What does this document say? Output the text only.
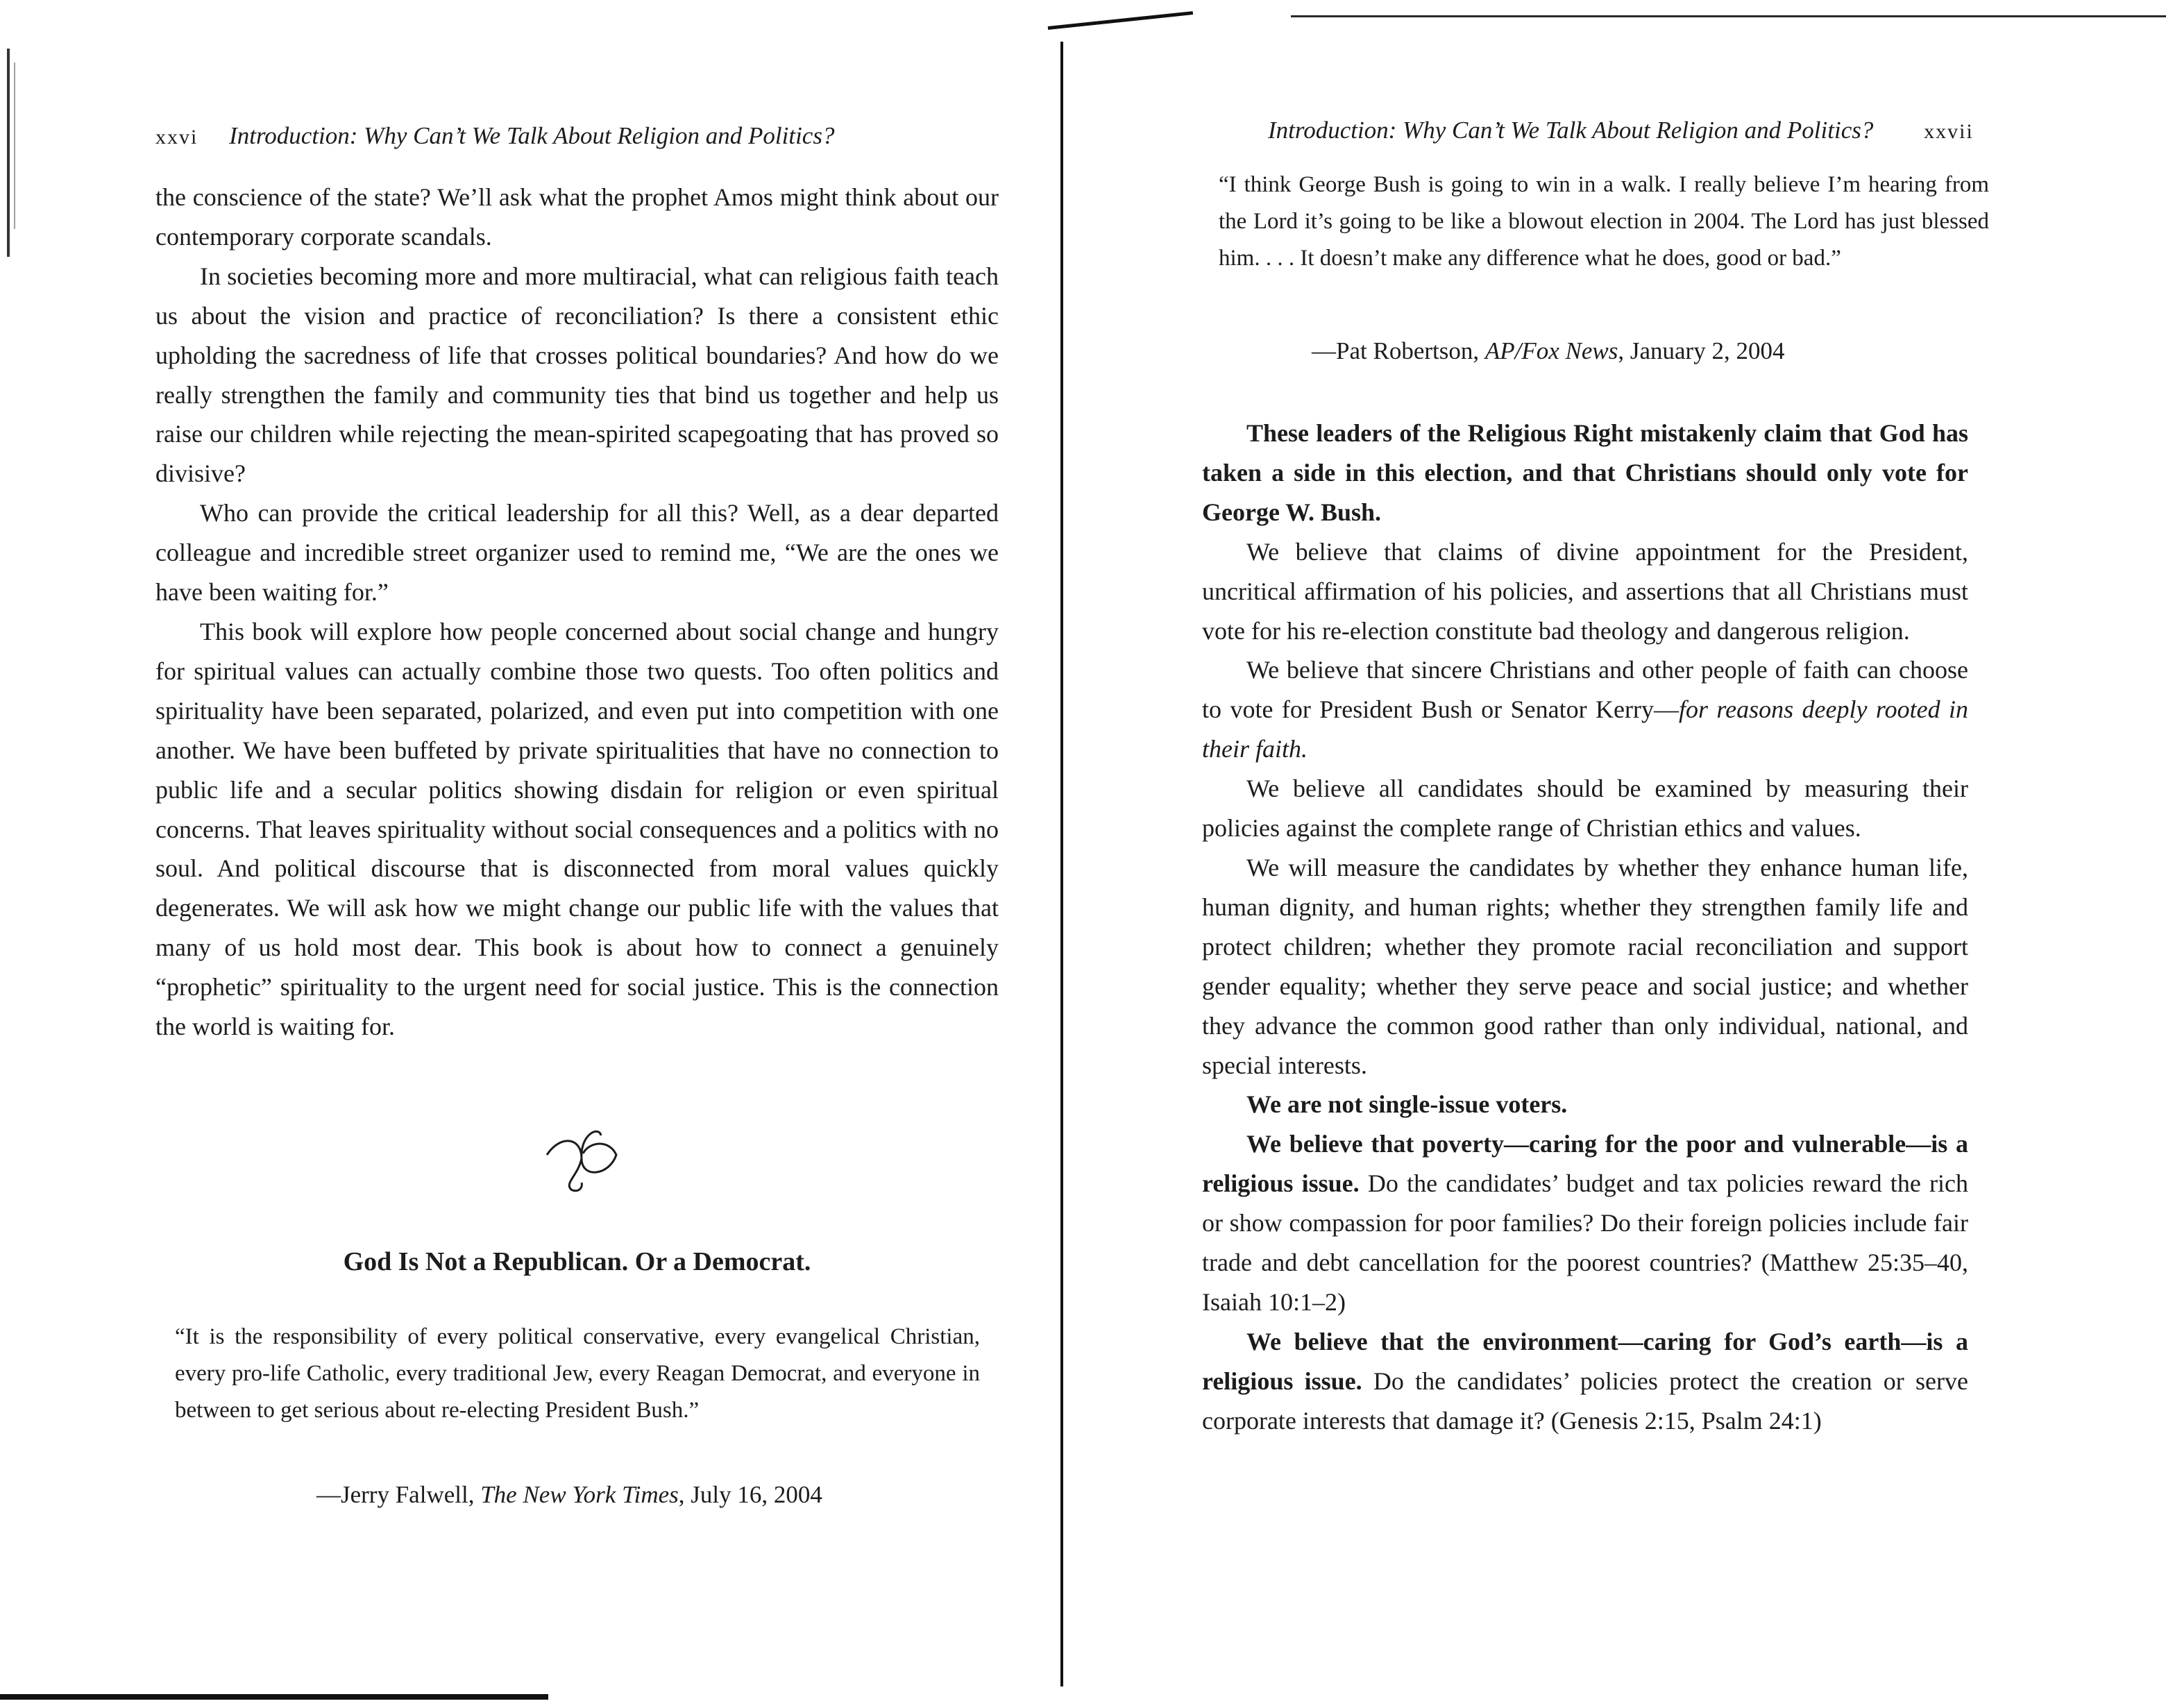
xxvi Introduction: Why Can’t We Talk About Religion and Politics?

the conscience of the state? We’ll ask what the prophet Amos might think about our contemporary corporate scandals.

In societies becoming more and more multiracial, what can religious faith teach us about the vision and practice of reconciliation? Is there a consistent ethic upholding the sacredness of life that crosses political boundaries? And how do we really strengthen the family and community ties that bind us together and help us raise our children while rejecting the mean-spirited scapegoating that has proved so divisive?

Who can provide the critical leadership for all this? Well, as a dear departed colleague and incredible street organizer used to remind me, “We are the ones we have been waiting for.”

This book will explore how people concerned about social change and hungry for spiritual values can actually combine those two quests. Too often politics and spirituality have been separated, polarized, and even put into competition with one another. We have been buffeted by private spiritualities that have no connection to public life and a secular politics showing disdain for religion or even spiritual concerns. That leaves spirituality without social consequences and a politics with no soul. And political discourse that is disconnected from moral values quickly degenerates. We will ask how we might change our public life with the values that many of us hold most dear. This book is about how to connect a genuinely “prophetic” spirituality to the urgent need for social justice. This is the connection the world is waiting for.

God Is Not a Republican. Or a Democrat.
“It is the responsibility of every political conservative, every evangelical Christian, every pro-life Catholic, every traditional Jew, every Reagan Democrat, and everyone in between to get serious about re-electing President Bush.”
—Jerry Falwell, The New York Times, July 16, 2004
Introduction: Why Can’t We Talk About Religion and Politics? xxvii
“I think George Bush is going to win in a walk. I really believe I’m hearing from the Lord it’s going to be like a blowout election in 2004. The Lord has just blessed him. . . . It doesn’t make any difference what he does, good or bad.”
—Pat Robertson, AP/Fox News, January 2, 2004

These leaders of the Religious Right mistakenly claim that God has taken a side in this election, and that Christians should only vote for George W. Bush.

We believe that claims of divine appointment for the President, uncritical affirmation of his policies, and assertions that all Christians must vote for his re-election constitute bad theology and dangerous religion.

We believe that sincere Christians and other people of faith can choose to vote for President Bush or Senator Kerry—for reasons deeply rooted in their faith.

We believe all candidates should be examined by measuring their policies against the complete range of Christian ethics and values.

We will measure the candidates by whether they enhance human life, human dignity, and human rights; whether they strengthen family life and protect children; whether they promote racial reconciliation and support gender equality; whether they serve peace and social justice; and whether they advance the common good rather than only individual, national, and special interests.

We are not single-issue voters.

We believe that poverty—caring for the poor and vulnerable—is a religious issue. Do the candidates’ budget and tax policies reward the rich or show compassion for poor families? Do their foreign policies include fair trade and debt cancellation for the poorest countries? (Matthew 25:35–40, Isaiah 10:1–2)

We believe that the environment—caring for God’s earth—is a religious issue. Do the candidates’ policies protect the creation or serve corporate interests that damage it? (Genesis 2:15, Psalm 24:1)
